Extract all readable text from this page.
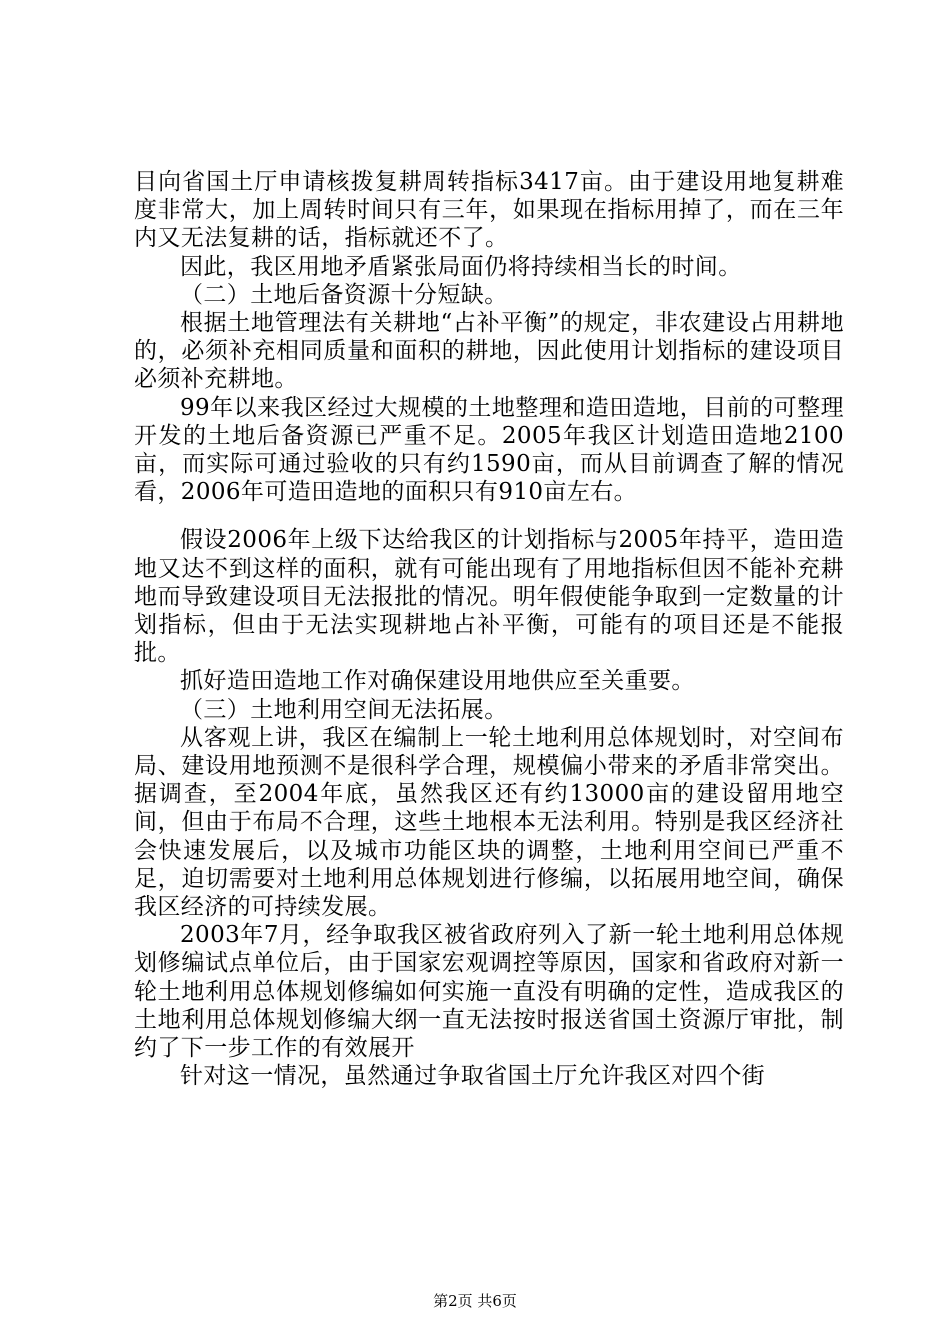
目向省国土厅申请核拨复耕周转指标3417亩。由于建设用地复耕难度非常大，加上周转时间只有三年，如果现在指标用掉了，而在三年内又无法复耕的话，指标就还不了。

因此，我区用地矛盾紧张局面仍将持续相当长的时间。

（二）土地后备资源十分短缺。

根据土地管理法有关耕地“占补平衡”的规定，非农建设占用耕地的，必须补充相同质量和面积的耕地，因此使用计划指标的建设项目必须补充耕地。

99年以来我区经过大规模的土地整理和造田造地，目前的可整理开发的土地后备资源已严重不足。2005年我区计划造田造地2100亩，而实际可通过验收的只有约1590亩，而从目前调查了解的情况看，2006年可造田造地的面积只有910亩左右。

假设2006年上级下达给我区的计划指标与2005年持平，造田造地又达不到这样的面积，就有可能出现有了用地指标但因不能补充耕地而导致建设项目无法报批的情况。明年假使能争取到一定数量的计划指标，但由于无法实现耕地占补平衡，可能有的项目还是不能报批。

抓好造田造地工作对确保建设用地供应至关重要。

（三）土地利用空间无法拓展。

从客观上讲，我区在编制上一轮土地利用总体规划时，对空间布局、建设用地预测不是很科学合理，规模偏小带来的矛盾非常突出。据调查，至2004年底，虽然我区还有约13000亩的建设留用地空间，但由于布局不合理，这些土地根本无法利用。特别是我区经济社会快速发展后，以及城市功能区块的调整，土地利用空间已严重不足，迫切需要对土地利用总体规划进行修编，以拓展用地空间，确保我区经济的可持续发展。

2003年7月，经争取我区被省政府列入了新一轮土地利用总体规划修编试点单位后，由于国家宏观调控等原因，国家和省政府对新一轮土地利用总体规划修编如何实施一直没有明确的定性，造成我区的土地利用总体规划修编大纲一直无法按时报送省国土资源厅审批，制约了下一步工作的有效展开

针对这一情况，虽然通过争取省国土厅允许我区对四个街

第2页 共6页
